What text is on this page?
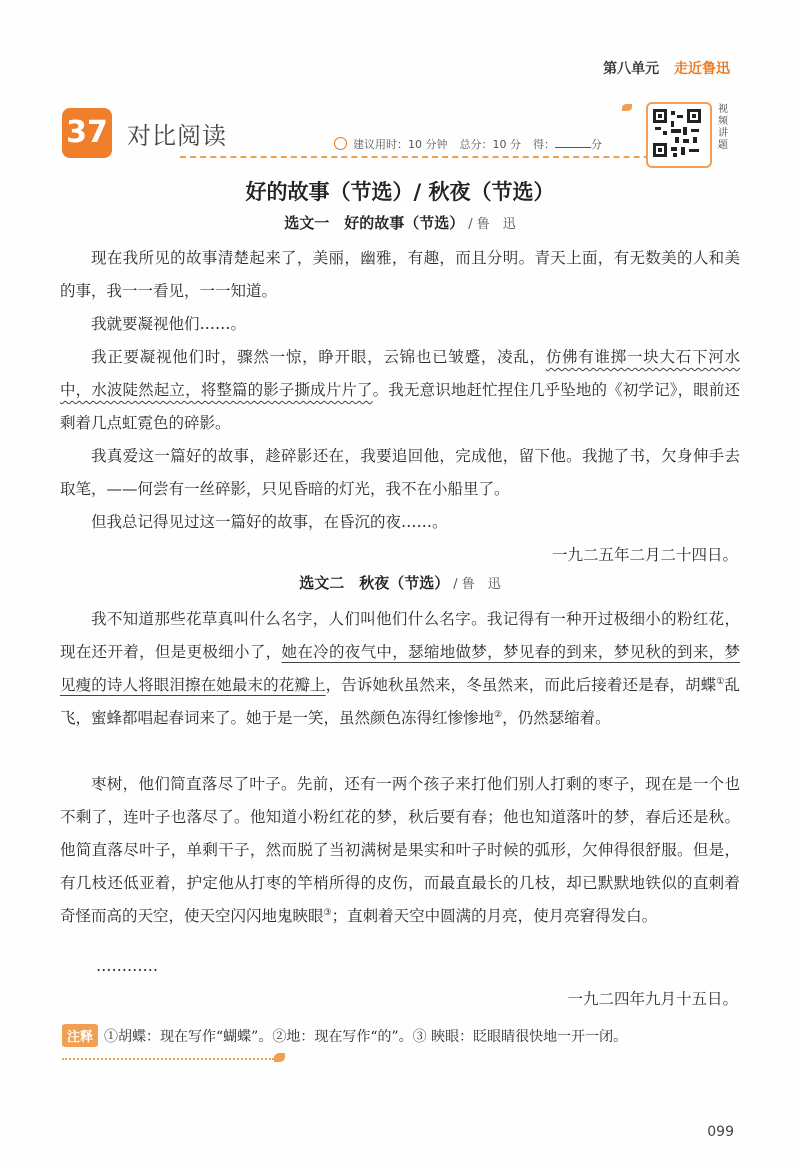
第八单元 走近鲁迅
37 对比阅读	建议用时：10 分钟 总分：10 分 得：	分
视频讲题
好的故事（节选）/ 秋夜（节选）
选文一　好的故事（节选） / 鲁　迅
现在我所见的故事清楚起来了，美丽，幽雅，有趣，而且分明。青天上面，有无数美的人和美的事，我一一看见，一一知道。
我就要凝视他们……。
我正要凝视他们时，骤然一惊，睁开眼，云锦也已皱蹙，凌乱，仿佛有谁掷一块大石下河水中，水波陡然起立，将整篇的影子撕成片片了。我无意识地赶忙捏住几乎坠地的《初学记》，眼前还剩着几点虹霓色的碎影。
我真爱这一篇好的故事，趁碎影还在，我要追回他，完成他，留下他。我抛了书，欠身伸手去取笔，——何尝有一丝碎影，只见昏暗的灯光，我不在小船里了。
但我总记得见过这一篇好的故事，在昏沉的夜……。
一九二五年二月二十四日。
选文二　秋夜（节选） / 鲁　迅
我不知道那些花草真叫什么名字，人们叫他们什么名字。我记得有一种开过极细小的粉红花，现在还开着，但是更极细小了，她在冷的夜气中，瑟缩地做梦，梦见春的到来，梦见秋的到来，梦见瘦的诗人将眼泪擦在她最末的花瓣上，告诉她秋虽然来，冬虽然来，而此后接着还是春，胡蝶①乱飞，蜜蜂都唱起春词来了。她于是一笑，虽然颜色冻得红惨惨地②，仍然瑟缩着。
枣树，他们简直落尽了叶子。先前，还有一两个孩子来打他们别人打剩的枣子，现在是一个也不剩了，连叶子也落尽了。他知道小粉红花的梦，秋后要有春；他也知道落叶的梦，春后还是秋。他简直落尽叶子，单剩干子，然而脱了当初满树是果实和叶子时候的弧形，欠伸得很舒服。但是，有几枝还低亚着，护定他从打枣的竿梢所得的皮伤，而最直最长的几枝，却已默默地铁似的直刺着奇怪而高的天空，使天空闪闪地鬼䀹眼③；直刺着天空中圆满的月亮，使月亮窘得发白。
…………
一九二四年九月十五日。
注释 ①胡蝶：现在写作“蝴蝶”。②地：现在写作“的”。③ 䀹眼：眨眼睛很快地一开一闭。
099
